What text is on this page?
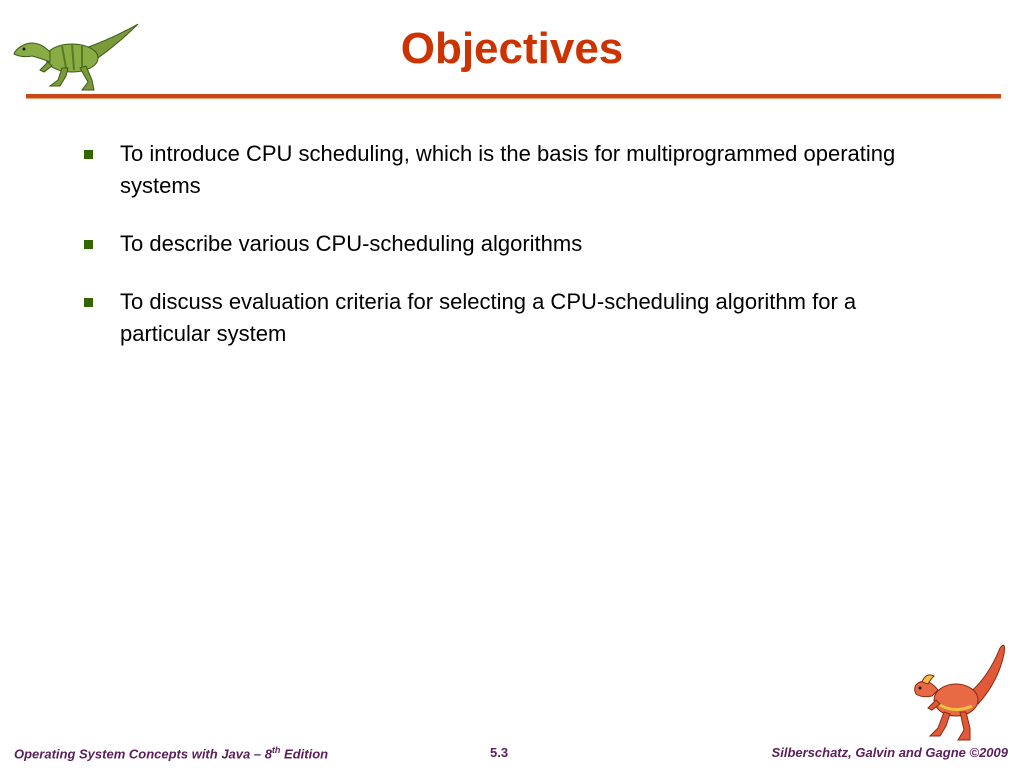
Objectives
To introduce CPU scheduling, which is the basis for multiprogrammed operating systems
To describe various CPU-scheduling algorithms
To discuss evaluation criteria for selecting a CPU-scheduling algorithm for a particular system
Operating System Concepts with Java – 8th Edition	5.3	Silberschatz, Galvin and Gagne ©2009
